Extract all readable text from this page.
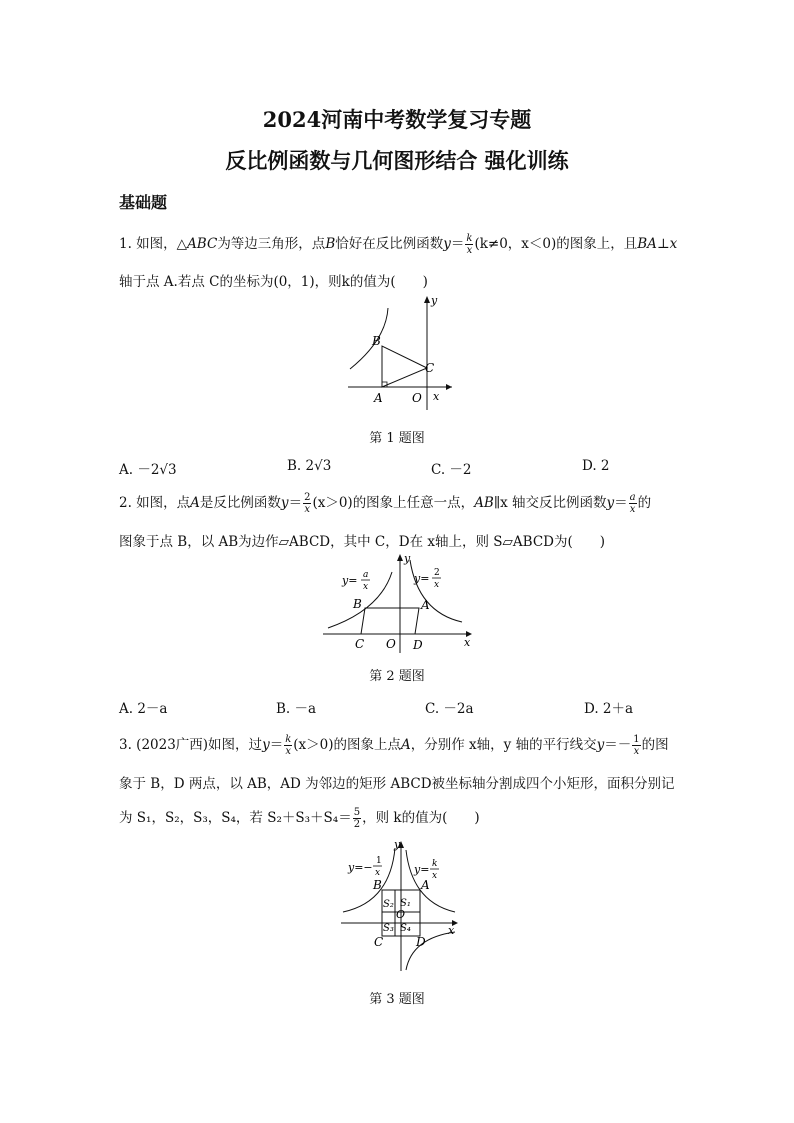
2024河南中考数学复习专题
反比例函数与几何图形结合 强化训练
基础题
1. 如图，△ABC为等边三角形，点B恰好在反比例函数$y= \frac{k}{x} (k\ne 0$，x＜0)的图象上，且BA⊥x
轴于点 A.若点 C的坐标为(0，1)，则k的值为(　　)
B
C
A O x
y
第 1 题图
A. －2√3	B. 2√3	C. －2	D. 2
2. 如图，点A是反比例函数$y= \frac{2}{x} (x>0)$的图象上任意一点，AB∥x 轴交反比例函数$y= \frac{a}{x}$ 的
图象于点 B，以 AB为边作▱ABCD，其中 C，D在 x轴上，则 S▱ABCD为(　　)
y= a
x
y= 2
x
B	A
C O D	x
y
第 2 题图
A. 2－a	B. －a	C. －2a	D. 2＋a
3. (2023广西)如图，过$y= \frac{k}{x} (x>0)$的图象上点A，分别作 x轴，y 轴的平行线交$y=- \frac{1}{x}$ 的图
象于 B，D 两点，以 AB，AD 为邻边的矩形 ABCD被坐标轴分割成四个小矩形，面积分别记
为 S₁，S₂，S₃，S₄，若 $S_2+S_3+S_4= \frac{5}{2}$ ，则 k的值为(　　)
y=− 1
x	y= k
x
B	A
S₁
S₂
S₃ S₄
O
C	D
x
y
第 3 题图
